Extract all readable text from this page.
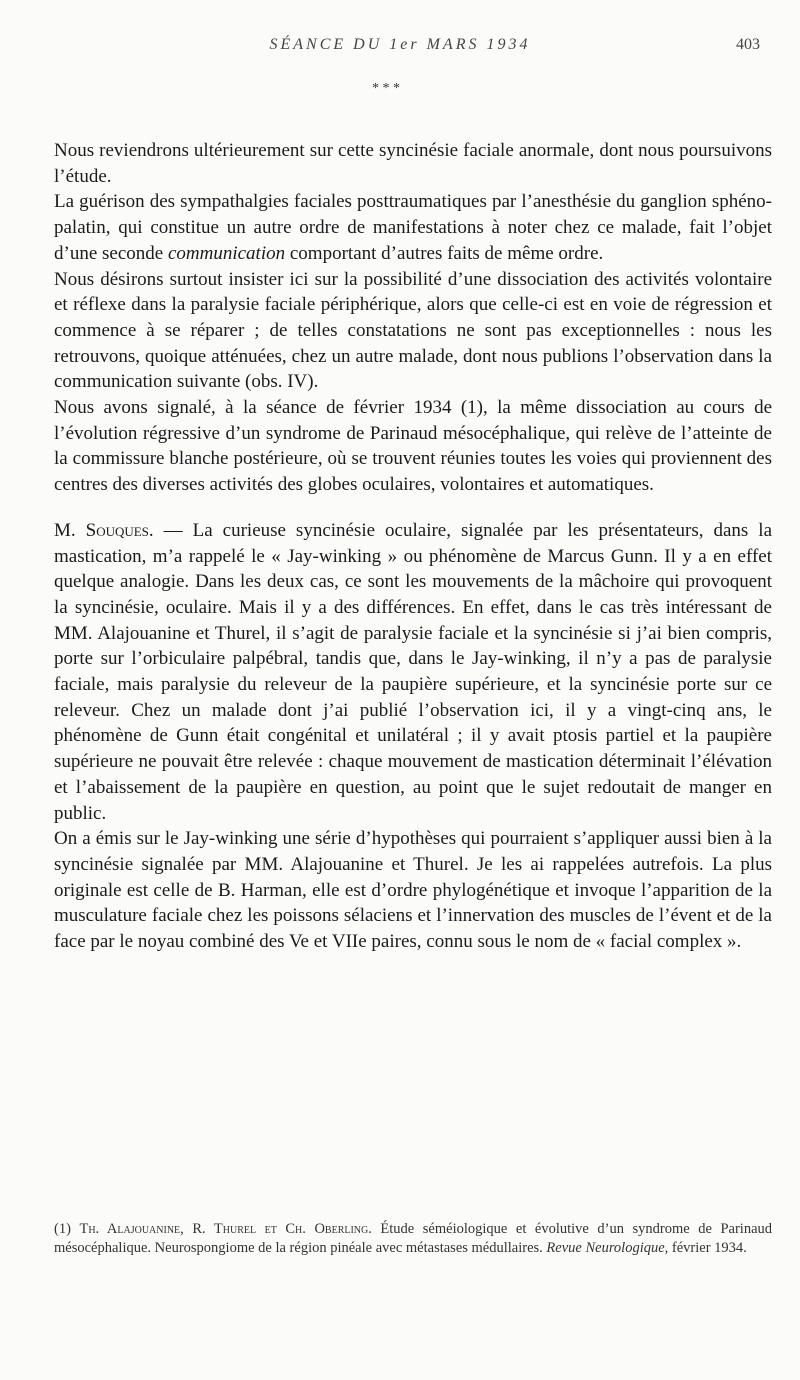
SÉANCE DU 1er MARS 1934	403
* * *

Nous reviendrons ultérieurement sur cette syncinésie faciale anormale, dont nous poursuivons l’étude.

La guérison des sympathalgies faciales posttraumatiques par l’anesthésie du ganglion sphéno-palatin, qui constitue un autre ordre de manifestations à noter chez ce malade, fait l’objet d’une seconde communication comportant d’autres faits de même ordre.

Nous désirons surtout insister ici sur la possibilité d’une dissociation des activités volontaire et réflexe dans la paralysie faciale périphérique, alors que celle-ci est en voie de régression et commence à se réparer ; de telles constatations ne sont pas exceptionnelles : nous les retrouvons, quoique atténuées, chez un autre malade, dont nous publions l’observation dans la communication suivante (obs. IV).

Nous avons signalé, à la séance de février 1934 (1), la même dissociation au cours de l’évolution régressive d’un syndrome de Parinaud mésocéphalique, qui relève de l’atteinte de la commissure blanche postérieure, où se trouvent réunies toutes les voies qui proviennent des centres des diverses activités des globes oculaires, volontaires et automatiques.

M. Souques. — La curieuse syncinésie oculaire, signalée par les présentateurs, dans la mastication, m’a rappelé le « Jay-winking » ou phénomène de Marcus Gunn. Il y a en effet quelque analogie. Dans les deux cas, ce sont les mouvements de la mâchoire qui provoquent la syncinésie, oculaire. Mais il y a des différences. En effet, dans le cas très intéressant de MM. Alajouanine et Thurel, il s’agit de paralysie faciale et la syncinésie si j’ai bien compris, porte sur l’orbiculaire palpébral, tandis que, dans le Jay-winking, il n’y a pas de paralysie faciale, mais paralysie du releveur de la paupière supérieure, et la syncinésie porte sur ce releveur. Chez un malade dont j’ai publié l’observation ici, il y a vingt-cinq ans, le phénomène de Gunn était congénital et unilatéral ; il y avait ptosis partiel et la paupière supérieure ne pouvait être relevée : chaque mouvement de mastication déterminait l’élévation et l’abaissement de la paupière en question, au point que le sujet redoutait de manger en public.

On a émis sur le Jay-winking une série d’hypothèses qui pourraient s’appliquer aussi bien à la syncinésie signalée par MM. Alajouanine et Thurel. Je les ai rappelées autrefois. La plus originale est celle de B. Harman, elle est d’ordre phylogénétique et invoque l’apparition de la musculature faciale chez les poissons sélaciens et l’innervation des muscles de l’évent et de la face par le noyau combiné des Ve et VIIe paires, connu sous le nom de « facial complex ».

(1) Th. Alajouanine, R. Thurel et Ch. Oberling. Étude séméiologique et évolutive d’un syndrome de Parinaud mésocéphalique. Neurospongiome de la région pinéale avec métastases médullaires. Revue Neurologique, février 1934.
